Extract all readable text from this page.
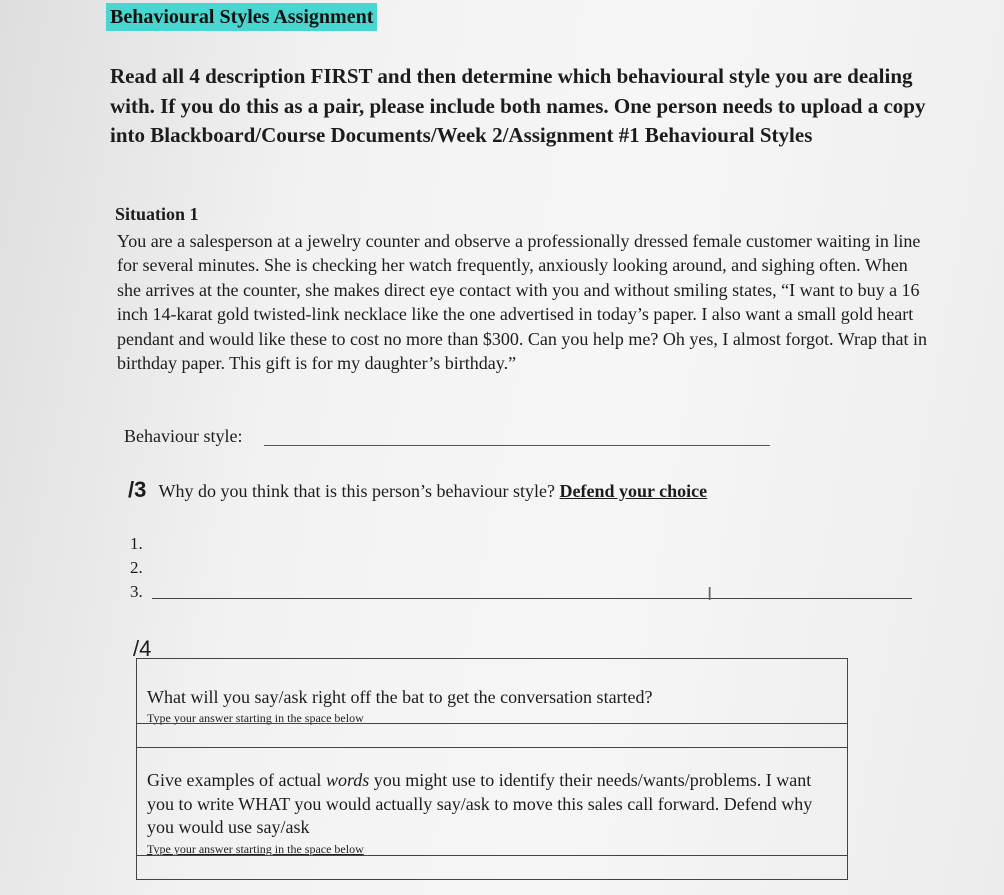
Behavioural Styles Assignment

Read all 4 description FIRST and then determine which behavioural style you are dealing with. If you do this as a pair, please include both names. One person needs to upload a copy into Blackboard/Course Documents/Week 2/Assignment #1 Behavioural Styles

Situation 1

You are a salesperson at a jewelry counter and observe a professionally dressed female customer waiting in line for several minutes. She is checking her watch frequently, anxiously looking around, and sighing often. When she arrives at the counter, she makes direct eye contact with you and without smiling states, “I want to buy a 16 inch 14-karat gold twisted-link necklace like the one advertised in today’s paper. I also want a small gold heart pendant and would like these to cost no more than $300. Can you help me? Oh yes, I almost forgot. Wrap that in birthday paper. This gift is for my daughter’s birthday.”

Behaviour style:
/3 Why do you think that is this person’s behaviour style? Defend your choice
1.
2.
3.	I
/4
What will you say/ask right off the bat to get the conversation started?
Type your answer starting in the space below
Give examples of actual words you might use to identify their needs/wants/problems. I want you to write WHAT you would actually say/ask to move this sales call forward. Defend why you would use say/ask
Type your answer starting in the space below
